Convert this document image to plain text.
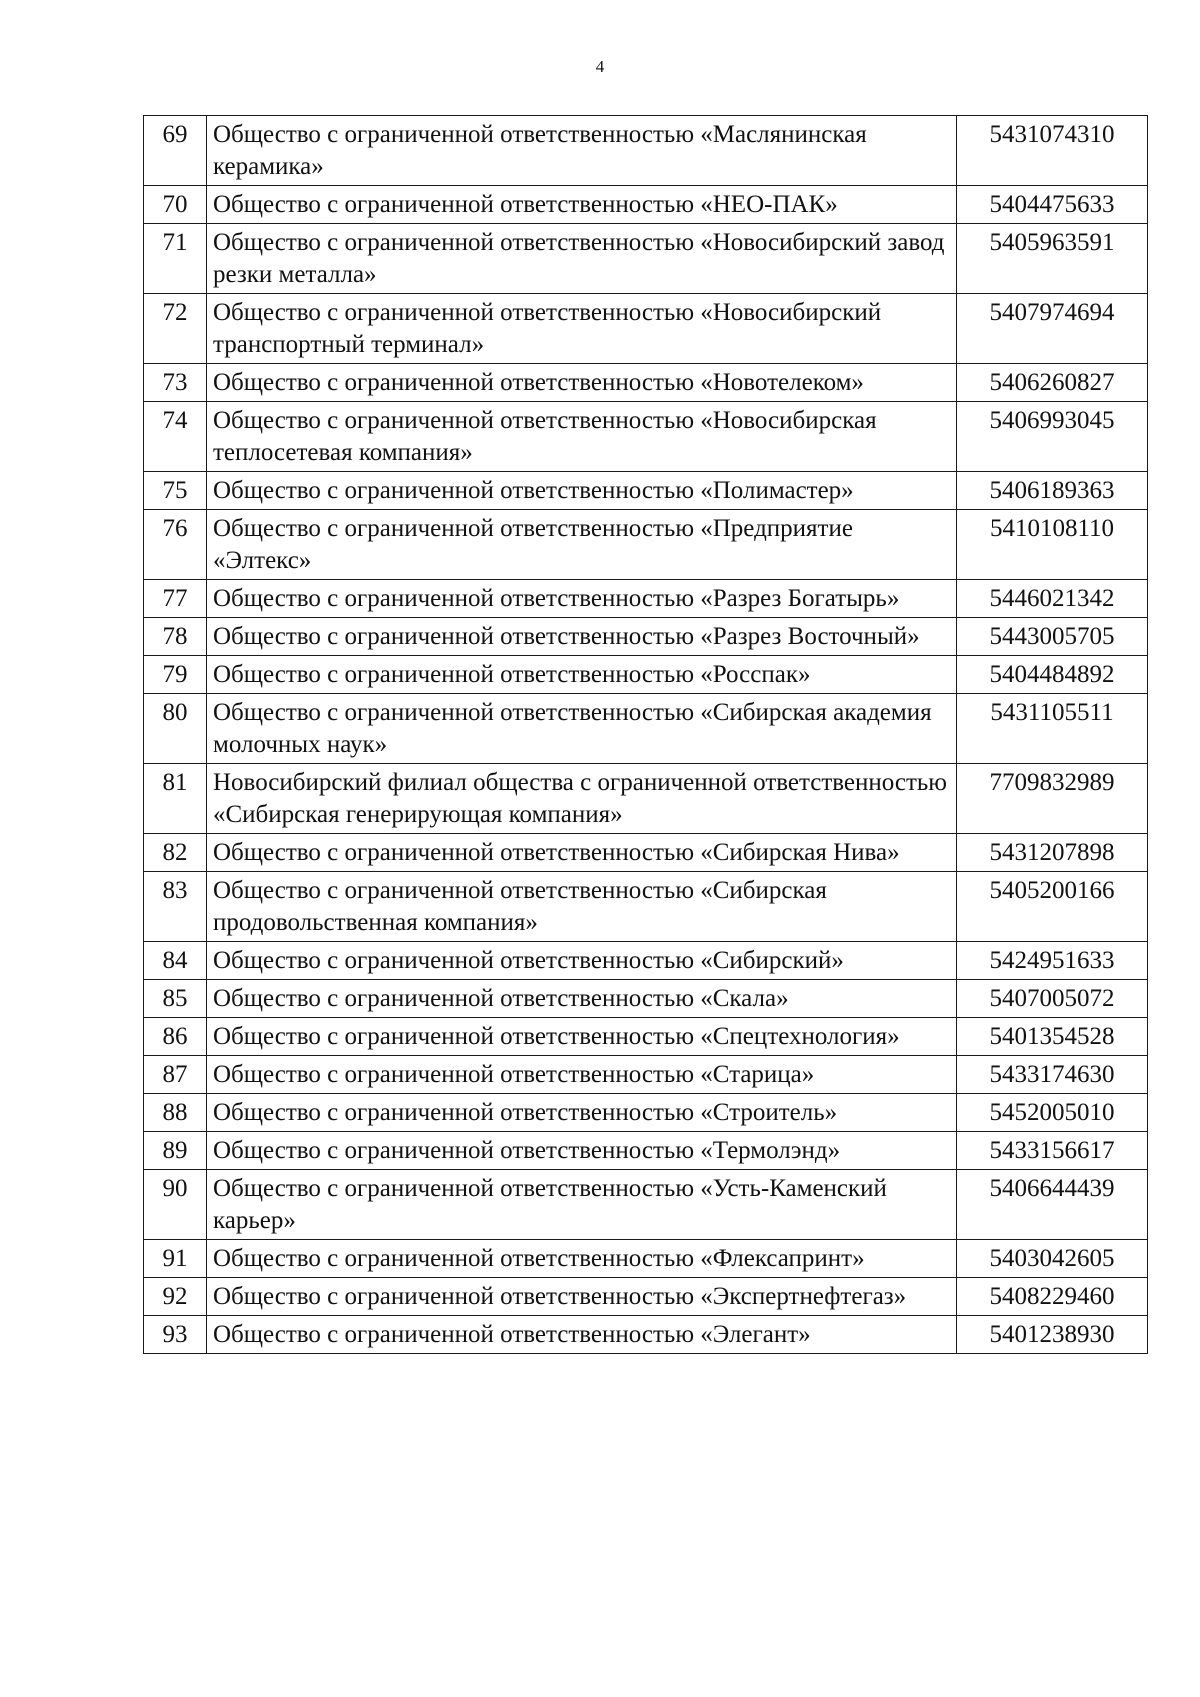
4
69	Общество с ограниченной ответственностью «Маслянинская керамика»	5431074310
70	Общество с ограниченной ответственностью «НЕО-ПАК»	5404475633
71	Общество с ограниченной ответственностью «Новосибирский завод резки металла»	5405963591
72	Общество с ограниченной ответственностью «Новосибирский транспортный терминал»	5407974694
73	Общество с ограниченной ответственностью «Новотелеком»	5406260827
74	Общество с ограниченной ответственностью «Новосибирская теплосетевая компания»	5406993045
75	Общество с ограниченной ответственностью «Полимастер»	5406189363
76	Общество с ограниченной ответственностью «Предприятие «Элтекс»	5410108110
77	Общество с ограниченной ответственностью «Разрез Богатырь»	5446021342
78	Общество с ограниченной ответственностью «Разрез Восточный»	5443005705
79	Общество с ограниченной ответственностью «Росспак»	5404484892
80	Общество с ограниченной ответственностью «Сибирская академия молочных наук»	5431105511
81	Новосибирский филиал общества с ограниченной ответственностью «Сибирская генерирующая компания»	7709832989
82	Общество с ограниченной ответственностью «Сибирская Нива»	5431207898
83	Общество с ограниченной ответственностью «Сибирская продовольственная компания»	5405200166
84	Общество с ограниченной ответственностью «Сибирский»	5424951633
85	Общество с ограниченной ответственностью «Скала»	5407005072
86	Общество с ограниченной ответственностью «Спецтехнология»	5401354528
87	Общество с ограниченной ответственностью «Старица»	5433174630
88	Общество с ограниченной ответственностью «Строитель»	5452005010
89	Общество с ограниченной ответственностью «Термолэнд»	5433156617
90	Общество с ограниченной ответственностью «Усть-Каменский карьер»	5406644439
91	Общество с ограниченной ответственностью «Флексапринт»	5403042605
92	Общество с ограниченной ответственностью «Экспертнефтегаз»	5408229460
93	Общество с ограниченной ответственностью «Элегант»	5401238930
